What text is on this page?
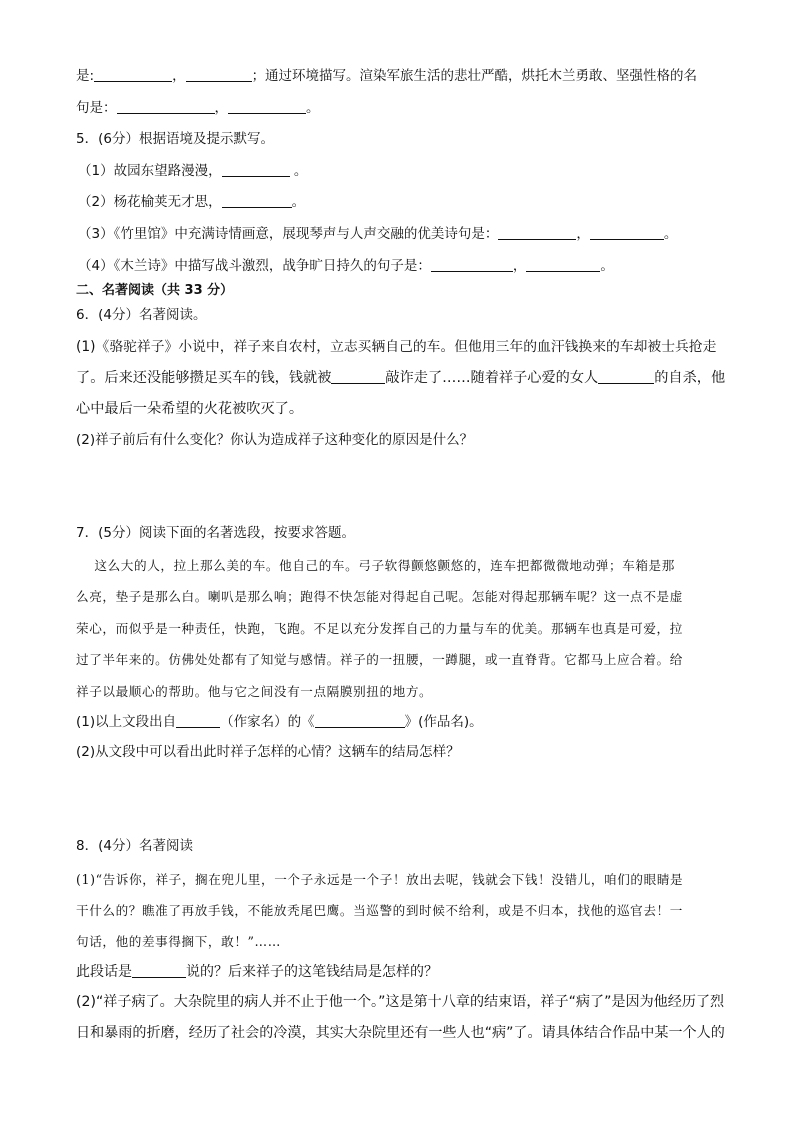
是:	，	；通过环境描写。渲染军旅生活的悲壮严酷，烘托木兰勇敢、坚强性格的名
句是：	，	。
5．(6分）根据语境及提示默写。
（1）故园东望路漫漫，	。
（2）杨花榆荚无才思，	。
（3）《竹里馆》中充满诗情画意，展现琴声与人声交融的优美诗句是：	，	。
（4）《木兰诗》中描写战斗激烈，战争旷日持久的句子是：	，	。
二、名著阅读（共 33 分）
6．(4分）名著阅读。
(1)《骆驼祥子》小说中，祥子来自农村，立志买辆自己的车。但他用三年的血汗钱换来的车却被士兵抢走
了。后来还没能够攒足买车的钱，钱就被	敲诈走了……随着祥子心爱的女人	的自杀，他
心中最后一朵希望的火花被吹灭了。
(2)祥子前后有什么变化？你认为造成祥子这种变化的原因是什么？
7．(5分）阅读下面的名著选段，按要求答题。
这么大的人，拉上那么美的车。他自己的车。弓子软得颤悠颤悠的，连车把都微微地动弹；车箱是那
么亮，垫子是那么白。喇叭是那么响；跑得不快怎能对得起自己呢。怎能对得起那辆车呢？这一点不是虚
荣心，而似乎是一种责任，快跑，飞跑。不足以充分发挥自己的力量与车的优美。那辆车也真是可爱，拉
过了半年来的。仿佛处处都有了知觉与感情。祥子的一扭腰，一蹲腿，或一直脊背。它都马上应合着。给
祥子以最顺心的帮助。他与它之间没有一点隔膜别扭的地方。
(1)以上文段出自	（作家名）的《	》(作品名)。
(2)从文段中可以看出此时祥子怎样的心情？这辆车的结局怎样？
8．(4分）名著阅读
(1)“告诉你，祥子，搁在兜儿里，一个子永远是一个子！放出去呢，钱就会下钱！没错儿，咱们的眼睛是
干什么的？瞧准了再放手钱，不能放秃尾巴鹰。当巡警的到时候不给利，或是不归本，找他的巡官去！一
句话，他的差事得搁下，敢！”……
此段话是	说的？后来祥子的这笔钱结局是怎样的？
(2)“祥子病了。大杂院里的病人并不止于他一个。”这是第十八章的结束语，祥子“病了”是因为他经历了烈
日和暴雨的折磨，经历了社会的冷漠，其实大杂院里还有一些人也“病”了。请具体结合作品中某一个人的
